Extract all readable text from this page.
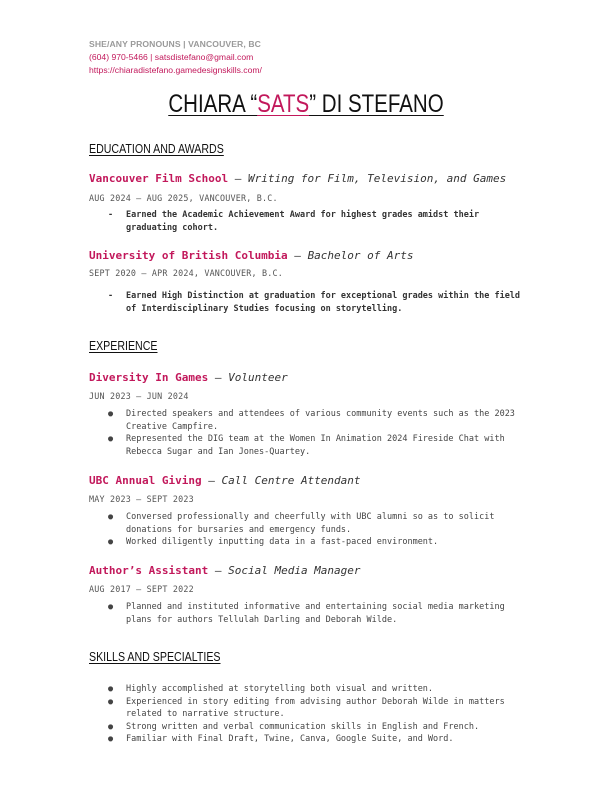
SHE/ANY PRONOUNS | VANCOUVER, BC
(604) 970-5466 | satsdistefano@gmail.com
https://chiaradistefano.gamedesignskills.com/
CHIARA “SATS” DI STEFANO
EDUCATION AND AWARDS
Vancouver Film School – Writing for Film, Television, and Games
AUG 2024 – AUG 2025, VANCOUVER, B.C.
- Earned the Academic Achievement Award for highest grades amidst their graduating cohort.
University of British Columbia – Bachelor of Arts
SEPT 2020 – APR 2024, VANCOUVER, B.C.
- Earned High Distinction at graduation for exceptional grades within the field of Interdisciplinary Studies focusing on storytelling.
EXPERIENCE
Diversity In Games – Volunteer
JUN 2023 – JUN 2024
● Directed speakers and attendees of various community events such as the 2023 Creative Campfire.
● Represented the DIG team at the Women In Animation 2024 Fireside Chat with Rebecca Sugar and Ian Jones-Quartey.
UBC Annual Giving – Call Centre Attendant
MAY 2023 – SEPT 2023
● Conversed professionally and cheerfully with UBC alumni so as to solicit donations for bursaries and emergency funds.
● Worked diligently inputting data in a fast-paced environment.
Author’s Assistant – Social Media Manager
AUG 2017 – SEPT 2022
● Planned and instituted informative and entertaining social media marketing plans for authors Tellulah Darling and Deborah Wilde.
SKILLS AND SPECIALTIES
● Highly accomplished at storytelling both visual and written.
● Experienced in story editing from advising author Deborah Wilde in matters related to narrative structure.
● Strong written and verbal communication skills in English and French.
● Familiar with Final Draft, Twine, Canva, Google Suite, and Word.
